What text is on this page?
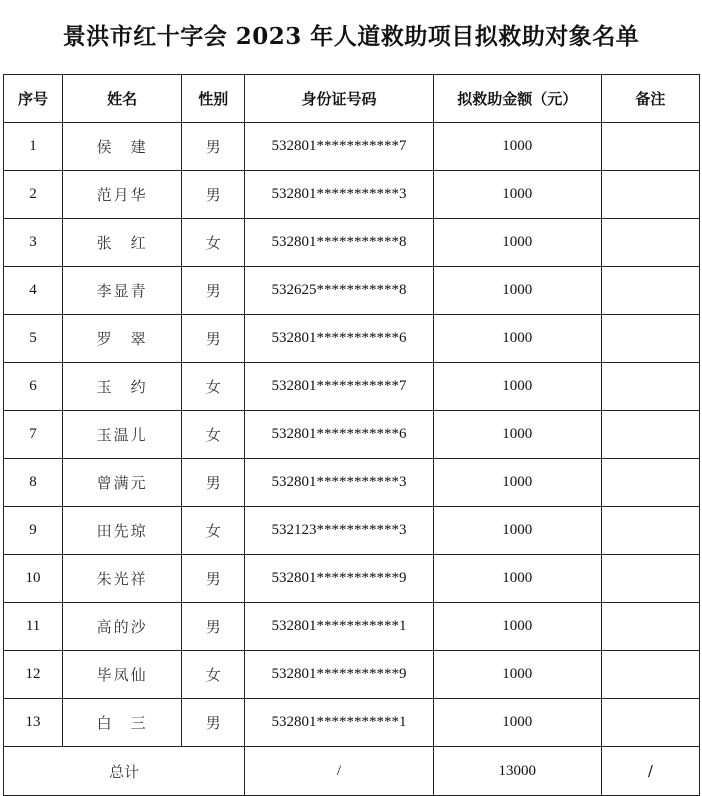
景洪市红十字会 2023 年人道救助项目拟救助对象名单
序号	姓名	性别	身份证号码	拟救助金额（元）	备注
1	侯　建	男	532801***********7	1000	
2	范月华	男	532801***********3	1000	
3	张　红	女	532801***********8	1000	
4	李显青	男	532625***********8	1000	
5	罗　翠	男	532801***********6	1000	
6	玉　约	女	532801***********7	1000	
7	玉温儿	女	532801***********6	1000	
8	曾满元	男	532801***********3	1000	
9	田先琼	女	532123***********3	1000	
10	朱光祥	男	532801***********9	1000	
11	高的沙	男	532801***********1	1000	
12	毕凤仙	女	532801***********9	1000	
13	白　三	男	532801***********1	1000	
总计			/	13000	/
